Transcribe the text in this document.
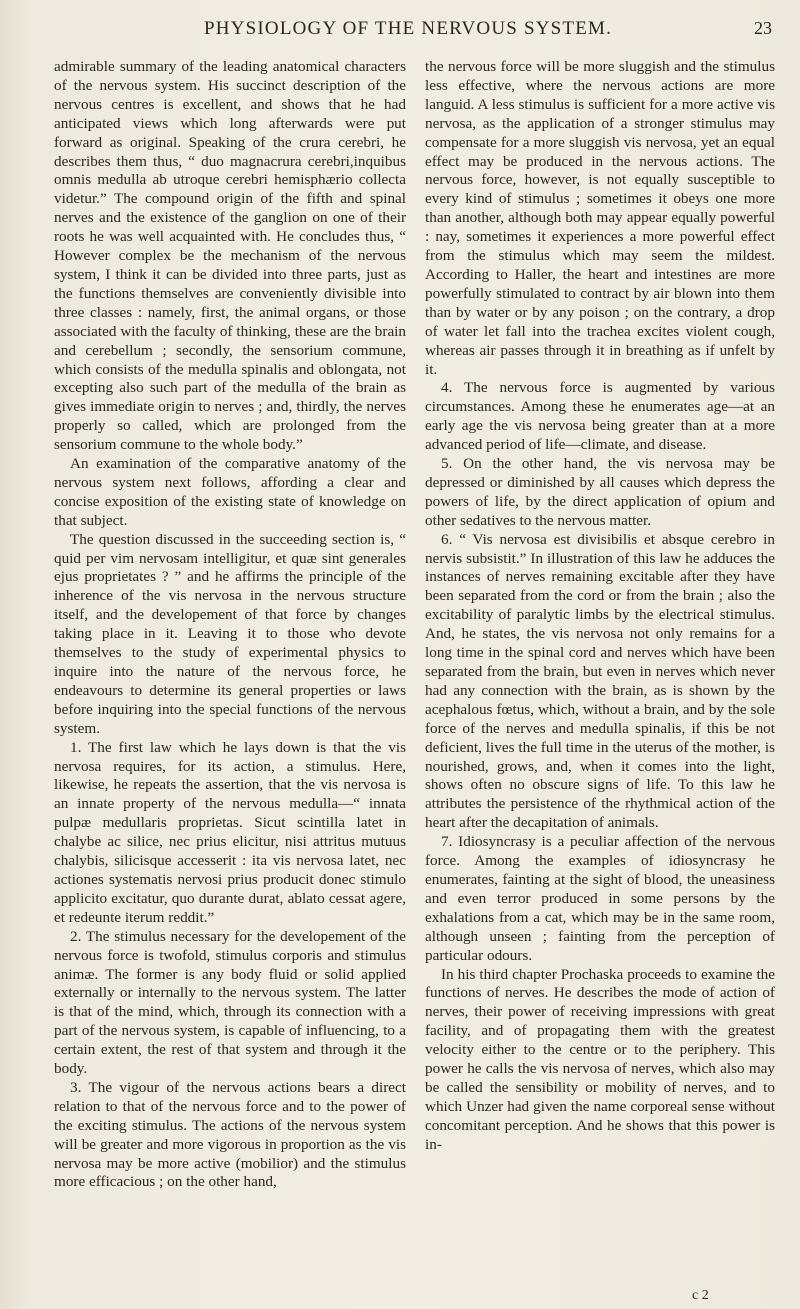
PHYSIOLOGY OF THE NERVOUS SYSTEM.	23

admirable summary of the leading anatomical characters of the nervous system. His succinct description of the nervous centres is excellent, and shows that he had anticipated views which long afterwards were put forward as original. Speaking of the crura cerebri, he describes them thus, “ duo magnacrura cerebri,inquibus omnis medulla ab utroque cerebri hemisphærio collecta videtur.” The compound origin of the fifth and spinal nerves and the existence of the ganglion on one of their roots he was well acquainted with. He concludes thus, “ However complex be the mechanism of the nervous system, I think it can be divided into three parts, just as the functions themselves are conveniently divisible into three classes : namely, first, the animal organs, or those associated with the faculty of thinking, these are the brain and cerebellum ; secondly, the sensorium commune, which consists of the medulla spinalis and oblongata, not excepting also such part of the medulla of the brain as gives immediate origin to nerves ; and, thirdly, the nerves properly so called, which are prolonged from the sensorium commune to the whole body.”

An examination of the comparative anatomy of the nervous system next follows, affording a clear and concise exposition of the existing state of knowledge on that subject.

The question discussed in the succeeding section is, “ quid per vim nervosam intelligitur, et quæ sint generales ejus proprietates ? ” and he affirms the principle of the inherence of the vis nervosa in the nervous structure itself, and the developement of that force by changes taking place in it. Leaving it to those who devote themselves to the study of experimental physics to inquire into the nature of the nervous force, he endeavours to determine its general properties or laws before inquiring into the special functions of the nervous system.

1. The first law which he lays down is that the vis nervosa requires, for its action, a stimulus. Here, likewise, he repeats the assertion, that the vis nervosa is an innate property of the nervous medulla—“ innata pulpæ medullaris proprietas. Sicut scintilla latet in chalybe ac silice, nec prius elicitur, nisi attritus mutuus chalybis, silicisque accesserit : ita vis nervosa latet, nec actiones systematis nervosi prius producit donec stimulo applicito excitatur, quo durante durat, ablato cessat agere, et redeunte iterum reddit.”

2. The stimulus necessary for the developement of the nervous force is twofold, stimulus corporis and stimulus animæ. The former is any body fluid or solid applied externally or internally to the nervous system. The latter is that of the mind, which, through its connection with a part of the nervous system, is capable of influencing, to a certain extent, the rest of that system and through it the body.

3. The vigour of the nervous actions bears a direct relation to that of the nervous force and to the power of the exciting stimulus. The actions of the nervous system will be greater and more vigorous in proportion as the vis nervosa may be more active (mobilior) and the stimulus more efficacious ; on the other hand,

the nervous force will be more sluggish and the stimulus less effective, where the nervous actions are more languid. A less stimulus is sufficient for a more active vis nervosa, as the application of a stronger stimulus may compensate for a more sluggish vis nervosa, yet an equal effect may be produced in the nervous actions. The nervous force, however, is not equally susceptible to every kind of stimulus ; sometimes it obeys one more than another, although both may appear equally powerful : nay, sometimes it experiences a more powerful effect from the stimulus which may seem the mildest. According to Haller, the heart and intestines are more powerfully stimulated to contract by air blown into them than by water or by any poison ; on the contrary, a drop of water let fall into the trachea excites violent cough, whereas air passes through it in breathing as if unfelt by it.

4. The nervous force is augmented by various circumstances. Among these he enumerates age—at an early age the vis nervosa being greater than at a more advanced period of life—climate, and disease.

5. On the other hand, the vis nervosa may be depressed or diminished by all causes which depress the powers of life, by the direct application of opium and other sedatives to the nervous matter.

6. “ Vis nervosa est divisibilis et absque cerebro in nervis subsistit.” In illustration of this law he adduces the instances of nerves remaining excitable after they have been separated from the cord or from the brain ; also the excitability of paralytic limbs by the electrical stimulus. And, he states, the vis nervosa not only remains for a long time in the spinal cord and nerves which have been separated from the brain, but even in nerves which never had any connection with the brain, as is shown by the acephalous fœtus, which, without a brain, and by the sole force of the nerves and medulla spinalis, if this be not deficient, lives the full time in the uterus of the mother, is nourished, grows, and, when it comes into the light, shows often no obscure signs of life. To this law he attributes the persistence of the rhythmical action of the heart after the decapitation of animals.

7. Idiosyncrasy is a peculiar affection of the nervous force. Among the examples of idiosyncrasy he enumerates, fainting at the sight of blood, the uneasiness and even terror produced in some persons by the exhalations from a cat, which may be in the same room, although unseen ; fainting from the perception of particular odours.

In his third chapter Prochaska proceeds to examine the functions of nerves. He describes the mode of action of nerves, their power of receiving impressions with great facility, and of propagating them with the greatest velocity either to the centre or to the periphery. This power he calls the vis nervosa of nerves, which also may be called the sensibility or mobility of nerves, and to which Unzer had given the name corporeal sense without concomitant perception. And he shows that this power is in-

c 2
